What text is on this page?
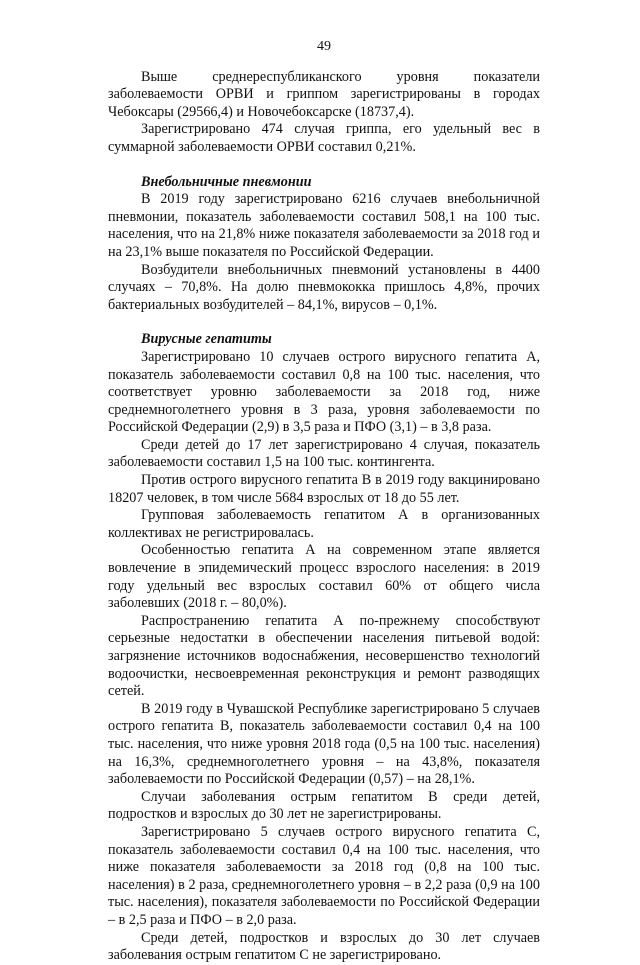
49

Выше среднереспубликанского уровня показатели заболеваемости ОРВИ и гриппом зарегистрированы в городах Чебоксары (29566,4) и Новочебоксарске (18737,4).

Зарегистрировано 474 случая гриппа, его удельный вес в суммарной заболеваемости ОРВИ составил 0,21%.

Внебольничные пневмонии

В 2019 году зарегистрировано 6216 случаев внебольничной пневмонии, показатель заболеваемости составил 508,1 на 100 тыс. населения, что на 21,8% ниже показателя заболеваемости за 2018 год и на 23,1% выше показателя по Российской Федерации.

Возбудители внебольничных пневмоний установлены в 4400 случаях – 70,8%. На долю пневмококка пришлось 4,8%, прочих бактериальных возбудителей – 84,1%, вирусов – 0,1%.

Вирусные гепатиты

Зарегистрировано 10 случаев острого вирусного гепатита А, показатель заболеваемости составил 0,8 на 100 тыс. населения, что соответствует уровню заболеваемости за 2018 год, ниже среднемноголетнего уровня в 3 раза, уровня заболеваемости по Российской Федерации (2,9) в 3,5 раза и ПФО (3,1) – в 3,8 раза.

Среди детей до 17 лет зарегистрировано 4 случая, показатель заболеваемости составил 1,5 на 100 тыс. контингента.

Против острого вирусного гепатита В в 2019 году вакцинировано 18207 человек, в том числе 5684 взрослых от 18 до 55 лет.

Групповая заболеваемость гепатитом А в организованных коллективах не регистрировалась.

Особенностью гепатита А на современном этапе является вовлечение в эпидемический процесс взрослого населения: в 2019 году удельный вес взрослых составил 60% от общего числа заболевших (2018 г. – 80,0%).

Распространению гепатита А по-прежнему способствуют серьезные недостатки в обеспечении населения питьевой водой: загрязнение источников водоснабжения, несовершенство технологий водоочистки, несвоевременная реконструкция и ремонт разводящих сетей.

В 2019 году в Чувашской Республике зарегистрировано 5 случаев острого гепатита В, показатель заболеваемости составил 0,4 на 100 тыс. населения, что ниже уровня 2018 года (0,5 на 100 тыс. населения) на 16,3%, среднемноголетнего уровня – на 43,8%, показателя заболеваемости по Российской Федерации (0,57) – на 28,1%.

Случаи заболевания острым гепатитом В среди детей, подростков и взрослых до 30 лет не зарегистрированы.

Зарегистрировано 5 случаев острого вирусного гепатита С, показатель заболеваемости составил 0,4 на 100 тыс. населения, что ниже показателя заболеваемости за 2018 год (0,8 на 100 тыс. населения) в 2 раза, среднемноголетнего уровня – в 2,2 раза (0,9 на 100 тыс. населения), показателя заболеваемости по Российской Федерации – в 2,5 раза и ПФО – в 2,0 раза.

Среди детей, подростков и взрослых до 30 лет случаев заболевания острым гепатитом С не зарегистрировано.
